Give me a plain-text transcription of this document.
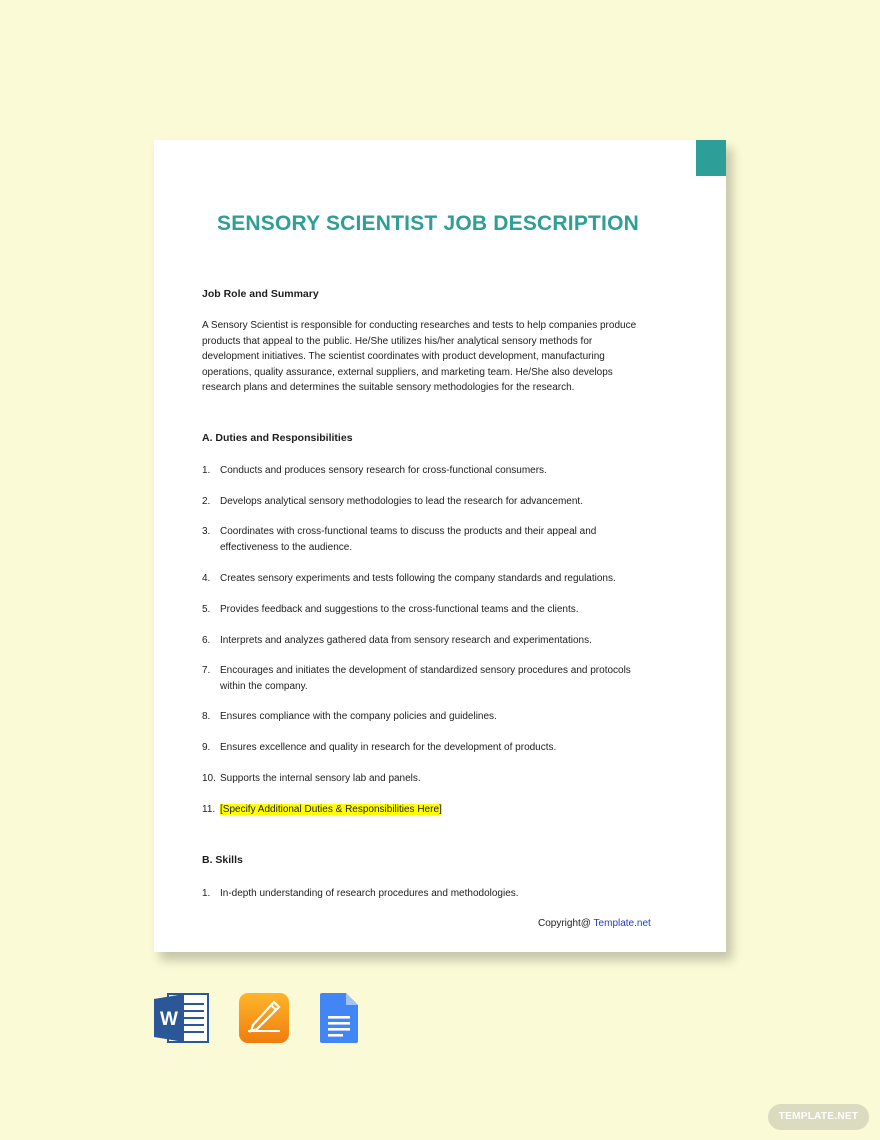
SENSORY SCIENTIST JOB DESCRIPTION
Job Role and Summary
A Sensory Scientist is responsible for conducting researches and tests to help companies produce
products that appeal to the public. He/She utilizes his/her analytical sensory methods for
development initiatives. The scientist coordinates with product development, manufacturing
operations, quality assurance, external suppliers, and marketing team. He/She also develops
research plans and determines the suitable sensory methodologies for the research.
A. Duties and Responsibilities
1. Conducts and produces sensory research for cross-functional consumers.
2. Develops analytical sensory methodologies to lead the research for advancement.
3. Coordinates with cross-functional teams to discuss the products and their appeal and
effectiveness to the audience.
4. Creates sensory experiments and tests following the company standards and regulations.
5. Provides feedback and suggestions to the cross-functional teams and the clients.
6. Interprets and analyzes gathered data from sensory research and experimentations.
7. Encourages and initiates the development of standardized sensory procedures and protocols
within the company.
8. Ensures compliance with the company policies and guidelines.
9. Ensures excellence and quality in research for the development of products.
10. Supports the internal sensory lab and panels.
11. [Specify Additional Duties & Responsibilities Here]
B. Skills
1. In-depth understanding of research procedures and methodologies.
Copyright@ Template.net
W
TEMPLATE.NET
